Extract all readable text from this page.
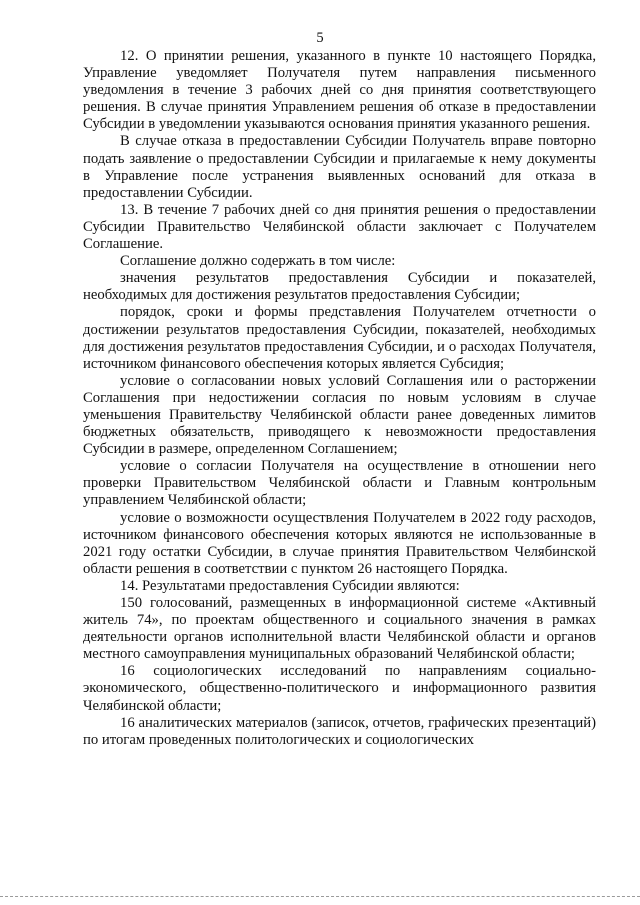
5

12. О принятии решения, указанного в пункте 10 настоящего Порядка, Управление уведомляет Получателя путем направления письменного уведомления в течение 3 рабочих дней со дня принятия соответствующего решения. В случае принятия Управлением решения об отказе в предоставлении Субсидии в уведомлении указываются основания принятия указанного решения.

В случае отказа в предоставлении Субсидии Получатель вправе повторно подать заявление о предоставлении Субсидии и прилагаемые к нему документы в Управление после устранения выявленных оснований для отказа в предоставлении Субсидии.

13. В течение 7 рабочих дней со дня принятия решения о предоставлении Субсидии Правительство Челябинской области заключает с Получателем Соглашение.

Соглашение должно содержать в том числе:

значения результатов предоставления Субсидии и показателей, необходимых для достижения результатов предоставления Субсидии;

порядок, сроки и формы представления Получателем отчетности о достижении результатов предоставления Субсидии, показателей, необходимых для достижения результатов предоставления Субсидии, и о расходах Получателя, источником финансового обеспечения которых является Субсидия;

условие о согласовании новых условий Соглашения или о расторжении Соглашения при недостижении согласия по новым условиям в случае уменьшения Правительству Челябинской области ранее доведенных лимитов бюджетных обязательств, приводящего к невозможности предоставления Субсидии в размере, определенном Соглашением;

условие о согласии Получателя на осуществление в отношении него проверки Правительством Челябинской области и Главным контрольным управлением Челябинской области;

условие о возможности осуществления Получателем в 2022 году расходов, источником финансового обеспечения которых являются не использованные в 2021 году остатки Субсидии, в случае принятия Правительством Челябинской области решения в соответствии с пунктом 26 настоящего Порядка.

14. Результатами предоставления Субсидии являются:

150 голосований, размещенных в информационной системе «Активный житель 74», по проектам общественного и социального значения в рамках деятельности органов исполнительной власти Челябинской области и органов местного самоуправления муниципальных образований Челябинской области;

16 социологических исследований по направлениям социально-экономического, общественно-политического и информационного развития Челябинской области;

16 аналитических материалов (записок, отчетов, графических презентаций) по итогам проведенных политологических и социологических
